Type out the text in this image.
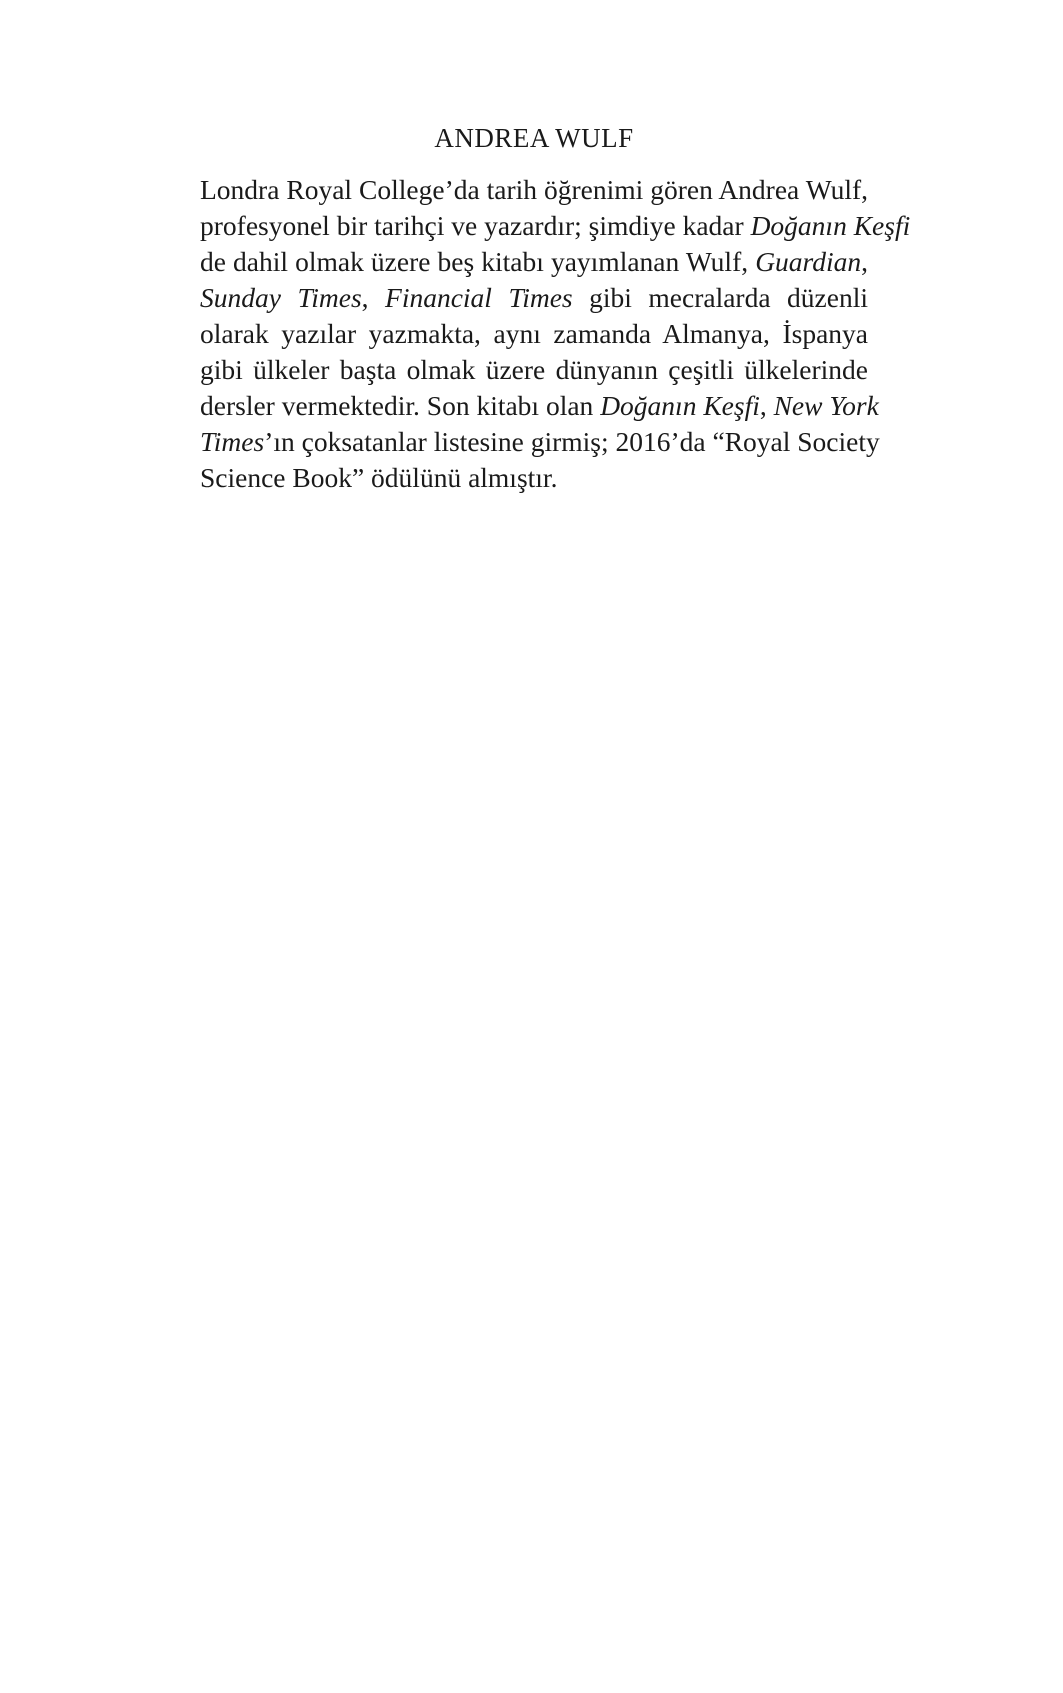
ANDREA WULF
Londra Royal College’da tarih öğrenimi gören Andrea Wulf,
profesyonel bir tarihçi ve yazardır; şimdiye kadar Doğanın Keşfi
de dahil olmak üzere beş kitabı yayımlanan Wulf, Guardian,
Sunday Times, Financial Times gibi mecralarda düzenli
olarak yazılar yazmakta, aynı zamanda Almanya, İspanya
gibi ülkeler başta olmak üzere dünyanın çeşitli ülkelerinde
dersler vermektedir. Son kitabı olan Doğanın Keşfi, New York
Times’ın çoksatanlar listesine girmiş; 2016’da “Royal Society
Science Book” ödülünü almıştır.
